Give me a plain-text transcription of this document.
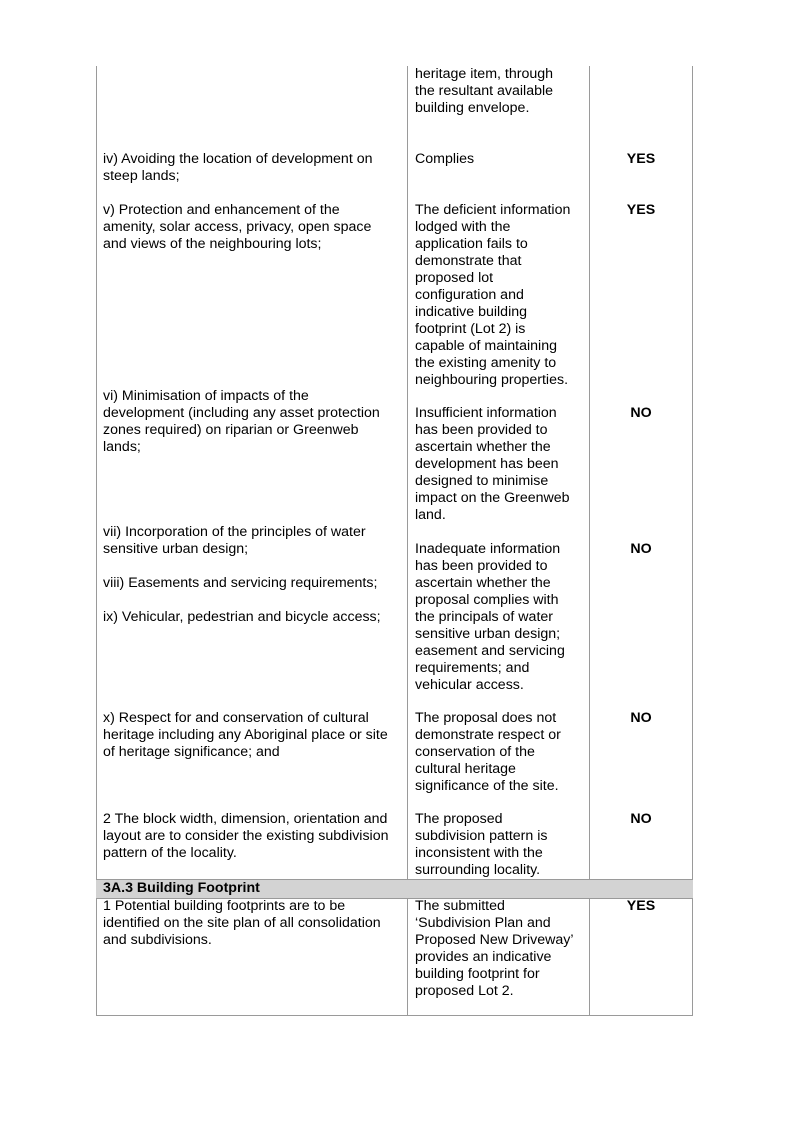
heritage item, through
the resultant available
building envelope.
iv) Avoiding the location of development on
steep lands;
Complies	YES
v) Protection and enhancement of the
amenity, solar access, privacy, open space
and views of the neighbouring lots;
The deficient information
lodged with the
application fails to
demonstrate that
proposed lot
configuration and
indicative building
footprint (Lot 2) is
capable of maintaining
the existing amenity to
neighbouring properties.
YES
vi) Minimisation of impacts of the
development (including any asset protection
zones required) on riparian or Greenweb
lands;
Insufficient information
has been provided to
ascertain whether the
development has been
designed to minimise
impact on the Greenweb
land.
NO
vii) Incorporation of the principles of water
sensitive urban design;
viii) Easements and servicing requirements;
ix) Vehicular, pedestrian and bicycle access;
Inadequate information
has been provided to
ascertain whether the
proposal complies with
the principals of water
sensitive urban design;
easement and servicing
requirements; and
vehicular access.
NO
x) Respect for and conservation of cultural
heritage including any Aboriginal place or site
of heritage significance; and
The proposal does not
demonstrate respect or
conservation of the
cultural heritage
significance of the site.
NO
2 The block width, dimension, orientation and
layout are to consider the existing subdivision
pattern of the locality.
The proposed
subdivision pattern is
inconsistent with the
surrounding locality.
NO
3A.3 Building Footprint
1 Potential building footprints are to be
identified on the site plan of all consolidation
and subdivisions.
The submitted
‘Subdivision Plan and
Proposed New Driveway’
provides an indicative
building footprint for
proposed Lot 2.
YES
